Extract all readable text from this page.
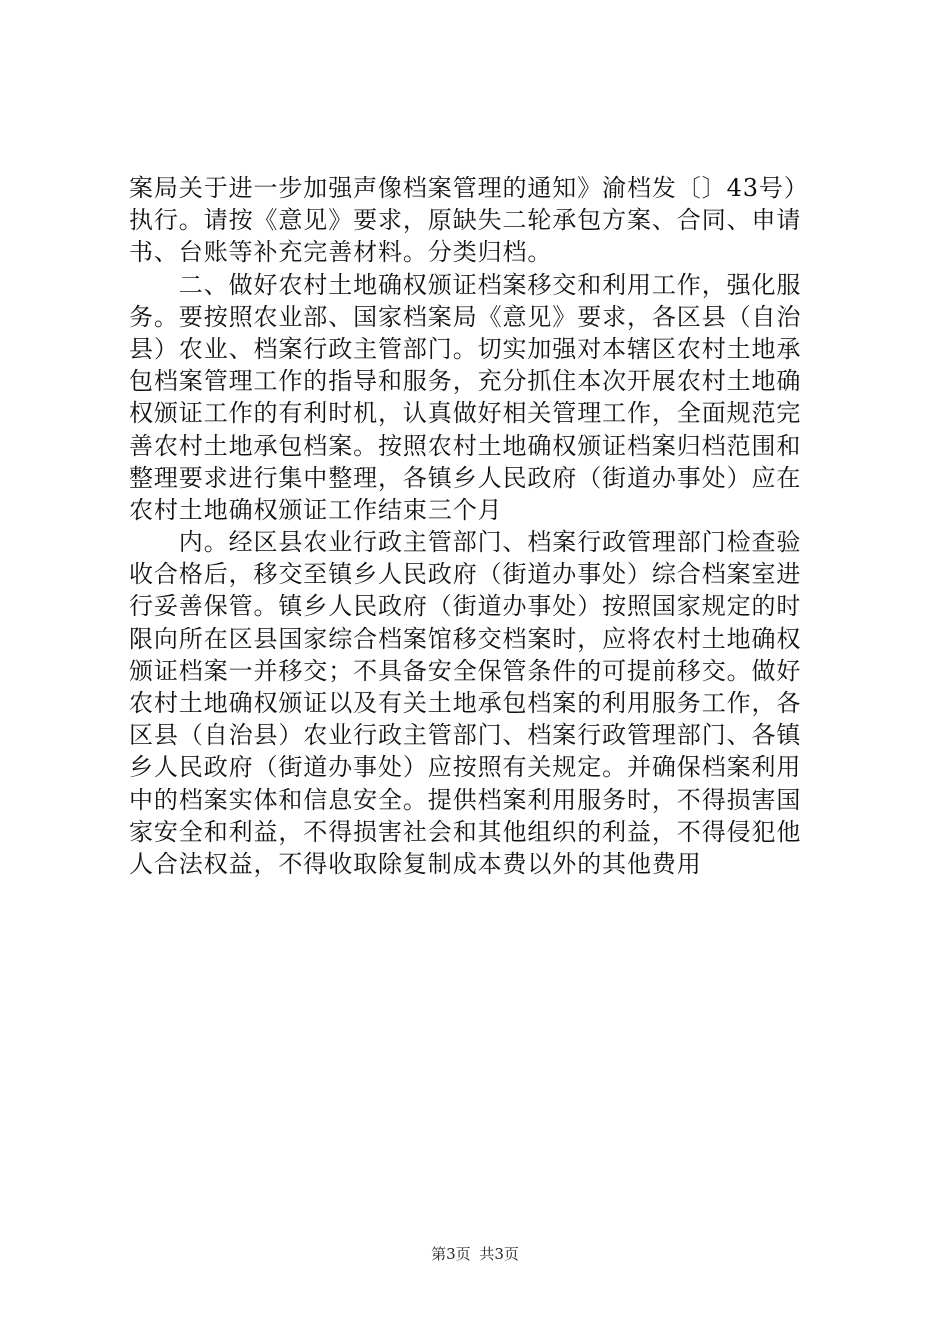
案局关于进一步加强声像档案管理的通知》渝档发〔〕43号）
执行。请按《意见》要求，原缺失二轮承包方案、合同、申请
书、台账等补充完善材料。分类归档。
　　二、做好农村土地确权颁证档案移交和利用工作，强化服
务。要按照农业部、国家档案局《意见》要求，各区县（自治
县）农业、档案行政主管部门。切实加强对本辖区农村土地承
包档案管理工作的指导和服务，充分抓住本次开展农村土地确
权颁证工作的有利时机，认真做好相关管理工作，全面规范完
善农村土地承包档案。按照农村土地确权颁证档案归档范围和
整理要求进行集中整理，各镇乡人民政府（街道办事处）应在
农村土地确权颁证工作结束三个月
　　内。经区县农业行政主管部门、档案行政管理部门检查验
收合格后，移交至镇乡人民政府（街道办事处）综合档案室进
行妥善保管。镇乡人民政府（街道办事处）按照国家规定的时
限向所在区县国家综合档案馆移交档案时，应将农村土地确权
颁证档案一并移交；不具备安全保管条件的可提前移交。做好
农村土地确权颁证以及有关土地承包档案的利用服务工作，各
区县（自治县）农业行政主管部门、档案行政管理部门、各镇
乡人民政府（街道办事处）应按照有关规定。并确保档案利用
中的档案实体和信息安全。提供档案利用服务时，不得损害国
家安全和利益，不得损害社会和其他组织的利益，不得侵犯他
人合法权益，不得收取除复制成本费以外的其他费用
第3页 共3页
